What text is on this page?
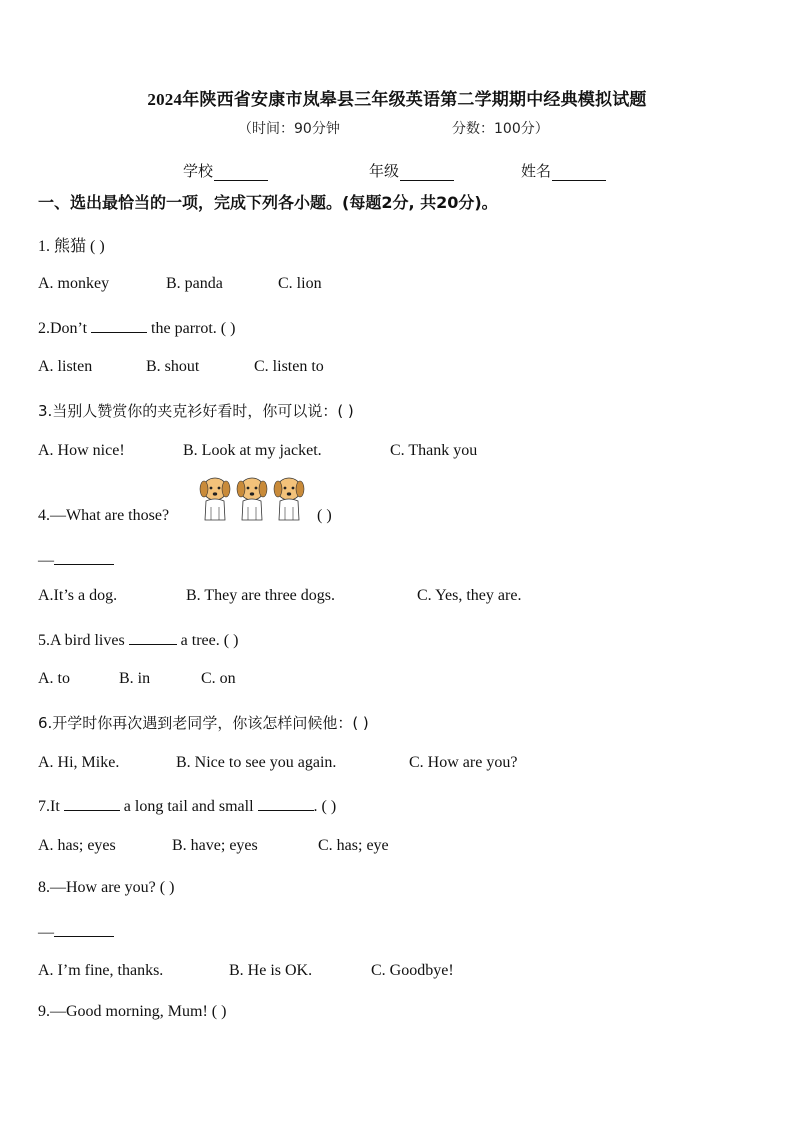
2024年陕西省安康市岚皋县三年级英语第二学期期中经典模拟试题
（时间：90分钟	分数：100分）
学校	年级	姓名
一、选出最恰当的一项，完成下列各小题。(每题2分, 共20分)。
1. 熊猫 ( )
A. monkey	B. panda	C. lion
2.Don’t	the parrot. ( )
A. listen	B. shout	C. listen to
3.当别人赞赏你的夹克衫好看时，你可以说：( )
A. How nice!	B. Look at my jacket.	C. Thank you
4.—What are those?	( )
—
A.It’s a dog.	B. They are three dogs.	C. Yes, they are.
5.A bird lives	a tree. ( )
A. to	B. in	C. on
6.开学时你再次遇到老同学，你该怎样问候他：( )
A. Hi, Mike.	B. Nice to see you again.	C. How are you?
7.It	a long tail and small	. ( )
A. has; eyes	B. have; eyes	C. has; eye
8.—How are you? ( )
—
A. I’m fine, thanks.	B. He is OK.	C. Goodbye!
9.—Good morning, Mum! ( )
